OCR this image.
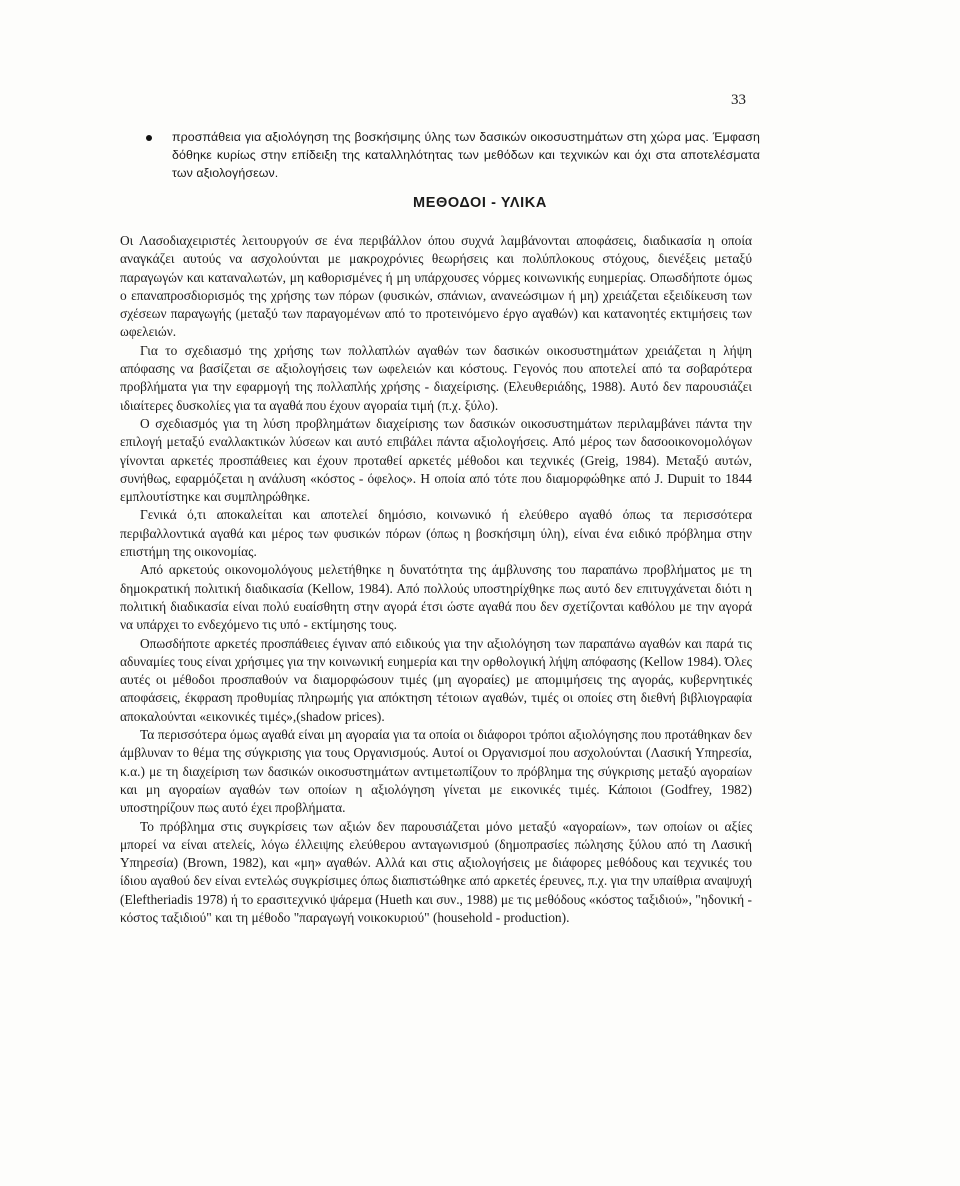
33
προσπάθεια για αξιολόγηση της βοσκήσιμης ύλης των δασικών οικοσυστημάτων στη χώρα μας. Έμφαση δόθηκε κυρίως στην επίδειξη της καταλληλότητας των μεθόδων και τεχνικών και όχι στα αποτελέσματα των αξιολογήσεων.
ΜΕΘΟΔΟΙ - ΥΛΙΚΑ

Οι Λασοδιαχειριστές λειτουργούν σε ένα περιβάλλον όπου συχνά λαμβάνονται αποφάσεις, διαδικασία η οποία αναγκάζει αυτούς να ασχολούνται με μακροχρόνιες θεωρήσεις και πολύπλοκους στόχους, διενέξεις μεταξύ παραγωγών και καταναλωτών, μη καθορισμένες ή μη υπάρχουσες νόρμες κοινωνικής ευημερίας. Οπωσδήποτε όμως ο επαναπροσδιορισμός της χρήσης των πόρων (φυσικών, σπάνιων, ανανεώσιμων ή μη) χρειάζεται εξειδίκευση των σχέσεων παραγωγής (μεταξύ των παραγομένων από το προτεινόμενο έργο αγαθών) και κατανοητές εκτιμήσεις των ωφελειών.

Για το σχεδιασμό της χρήσης των πολλαπλών αγαθών των δασικών οικοσυστημάτων χρειάζεται η λήψη απόφασης να βασίζεται σε αξιολογήσεις των ωφελειών και κόστους. Γεγονός που αποτελεί από τα σοβαρότερα προβλήματα για την εφαρμογή της πολλαπλής χρήσης - διαχείρισης. (Ελευθεριάδης, 1988). Αυτό δεν παρουσιάζει ιδιαίτερες δυσκολίες για τα αγαθά που έχουν αγοραία τιμή (π.χ. ξύλο).

Ο σχεδιασμός για τη λύση προβλημάτων διαχείρισης των δασικών οικοσυστημάτων περιλαμβάνει πάντα την επιλογή μεταξύ εναλλακτικών λύσεων και αυτό επιβάλει πάντα αξιολογήσεις. Από μέρος των δασοοικονομολόγων γίνονται αρκετές προσπάθειες και έχουν προταθεί αρκετές μέθοδοι και τεχνικές (Greig, 1984). Μεταξύ αυτών, συνήθως, εφαρμόζεται η ανάλυση «κόστος - όφελος». Η οποία από τότε που διαμορφώθηκε από J. Dupuit το 1844 εμπλουτίστηκε και συμπληρώθηκε.

Γενικά ό,τι αποκαλείται και αποτελεί δημόσιο, κοινωνικό ή ελεύθερο αγαθό όπως τα περισσότερα περιβαλλοντικά αγαθά και μέρος των φυσικών πόρων (όπως η βοσκήσιμη ύλη), είναι ένα ειδικό πρόβλημα στην επιστήμη της οικονομίας.

Από αρκετούς οικονομολόγους μελετήθηκε η δυνατότητα της άμβλυνσης του παραπάνω προβλήματος με τη δημοκρατική πολιτική διαδικασία (Kellow, 1984). Από πολλούς υποστηρίχθηκε πως αυτό δεν επιτυγχάνεται διότι η πολιτική διαδικασία είναι πολύ ευαίσθητη στην αγορά έτσι ώστε αγαθά που δεν σχετίζονται καθόλου με την αγορά να υπάρχει το ενδεχόμενο τις υπό - εκτίμησης τους.

Οπωσδήποτε αρκετές προσπάθειες έγιναν από ειδικούς για την αξιολόγηση των παραπάνω αγαθών και παρά τις αδυναμίες τους είναι χρήσιμες για την κοινωνική ευημερία και την ορθολογική λήψη απόφασης (Kellow 1984). Όλες αυτές οι μέθοδοι προσπαθούν να διαμορφώσουν τιμές (μη αγοραίες) με απομιμήσεις της αγοράς, κυβερνητικές αποφάσεις, έκφραση προθυμίας πληρωμής για απόκτηση τέτοιων αγαθών, τιμές οι οποίες στη διεθνή βιβλιογραφία αποκαλούνται «εικονικές τιμές»,(shadow prices).

Τα περισσότερα όμως αγαθά είναι μη αγοραία για τα οποία οι διάφοροι τρόποι αξιολόγησης που προτάθηκαν δεν άμβλυναν το θέμα της σύγκρισης για τους Οργανισμούς. Αυτοί οι Οργανισμοί που ασχολούνται (Λασική Υπηρεσία, κ.α.) με τη διαχείριση των δασικών οικοσυστημάτων αντιμετωπίζουν το πρόβλημα της σύγκρισης μεταξύ αγοραίων και μη αγοραίων αγαθών των οποίων η αξιολόγηση γίνεται με εικονικές τιμές. Κάποιοι (Godfrey, 1982) υποστηρίζουν πως αυτό έχει προβλήματα.

Το πρόβλημα στις συγκρίσεις των αξιών δεν παρουσιάζεται μόνο μεταξύ «αγοραίων», των οποίων οι αξίες μπορεί να είναι ατελείς, λόγω έλλειψης ελεύθερου ανταγωνισμού (δημοπρασίες πώλησης ξύλου από τη Λασική Υπηρεσία) (Brown, 1982), και «μη» αγαθών. Αλλά και στις αξιολογήσεις με διάφορες μεθόδους και τεχνικές του ίδιου αγαθού δεν είναι εντελώς συγκρίσιμες όπως διαπιστώθηκε από αρκετές έρευνες, π.χ. για την υπαίθρια αναψυχή (Eleftheriadis 1978) ή το ερασιτεχνικό ψάρεμα (Hueth και συν., 1988) με τις μεθόδους «κόστος ταξιδιού», "ηδονική - κόστος ταξιδιού" και τη μέθοδο "παραγωγή νοικοκυριού" (household - production).
